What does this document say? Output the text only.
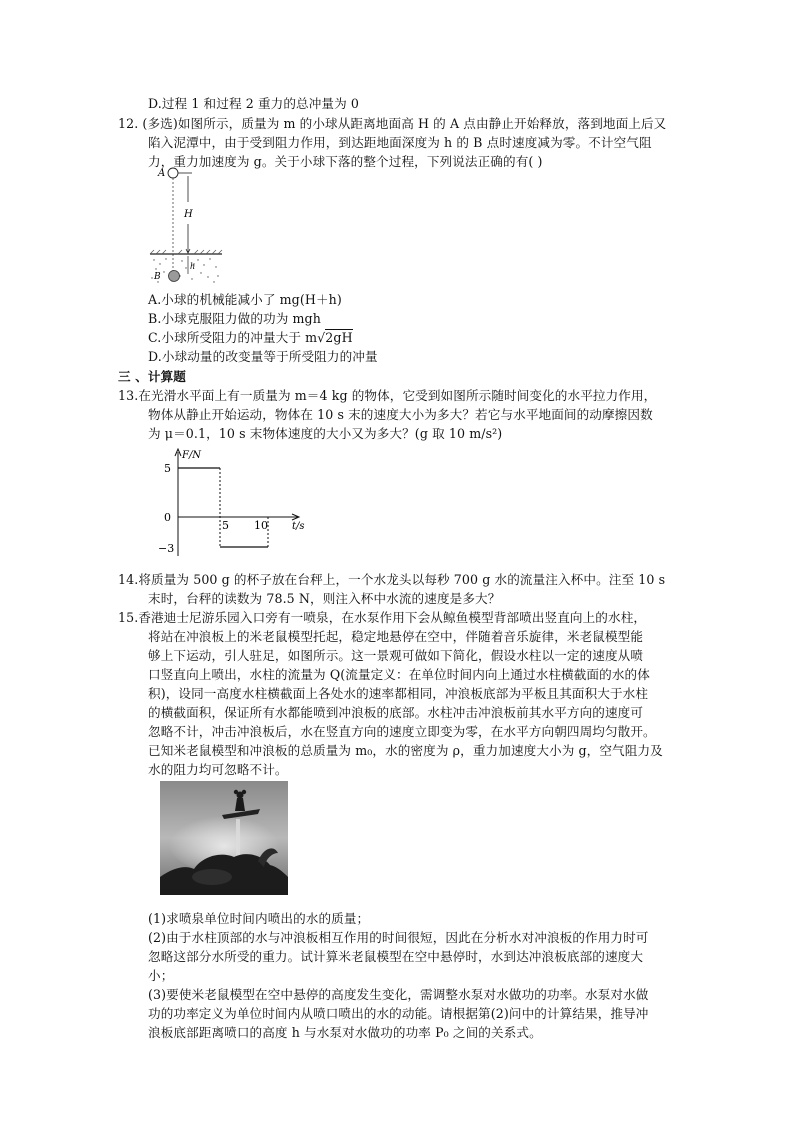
D.过程 1 和过程 2 重力的总冲量为 0
12. (多选)如图所示，质量为 m 的小球从距离地面高 H 的 A 点由静止开始释放，落到地面上后又
陷入泥潭中，由于受到阻力作用，到达距地面深度为 h 的 B 点时速度减为零。不计空气阻
力，重力加速度为 g。关于小球下落的整个过程，下列说法正确的有( )
A
H
h
B
A.小球的机械能减小了 mg(H＋h)
B.小球克服阻力做的功为 mgh
C.小球所受阻力的冲量大于 m√2gH
D.小球动量的改变量等于所受阻力的冲量
三 、计算题
13.在光滑水平面上有一质量为 m＝4 kg 的物体，它受到如图所示随时间变化的水平拉力作用，
物体从静止开始运动，物体在 10 s 末的速度大小为多大？若它与水平地面间的动摩擦因数
为 μ＝0.1，10 s 末物体速度的大小又为多大？(g 取 10 m/s²)
F/N
t/s
5
0
−3
5 10
14.将质量为 500 g 的杯子放在台秤上，一个水龙头以每秒 700 g 水的流量注入杯中。注至 10 s
末时，台秤的读数为 78.5 N，则注入杯中水流的速度是多大？
15.香港迪士尼游乐园入口旁有一喷泉，在水泵作用下会从鲸鱼模型背部喷出竖直向上的水柱，
将站在冲浪板上的米老鼠模型托起，稳定地悬停在空中，伴随着音乐旋律，米老鼠模型能
够上下运动，引人驻足，如图所示。这一景观可做如下简化，假设水柱以一定的速度从喷
口竖直向上喷出，水柱的流量为 Q(流量定义：在单位时间内向上通过水柱横截面的水的体
积)，设同一高度水柱横截面上各处水的速率都相同，冲浪板底部为平板且其面积大于水柱
的横截面积，保证所有水都能喷到冲浪板的底部。水柱冲击冲浪板前其水平方向的速度可
忽略不计，冲击冲浪板后，水在竖直方向的速度立即变为零，在水平方向朝四周均匀散开。
已知米老鼠模型和冲浪板的总质量为 m₀，水的密度为 ρ，重力加速度大小为 g，空气阻力及
水的阻力均可忽略不计。
(1)求喷泉单位时间内喷出的水的质量；
(2)由于水柱顶部的水与冲浪板相互作用的时间很短，因此在分析水对冲浪板的作用力时可
忽略这部分水所受的重力。试计算米老鼠模型在空中悬停时，水到达冲浪板底部的速度大
小；
(3)要使米老鼠模型在空中悬停的高度发生变化，需调整水泵对水做功的功率。水泵对水做
功的功率定义为单位时间内从喷口喷出的水的动能。请根据第(2)问中的计算结果，推导冲
浪板底部距离喷口的高度 h 与水泵对水做功的功率 P₀ 之间的关系式。
